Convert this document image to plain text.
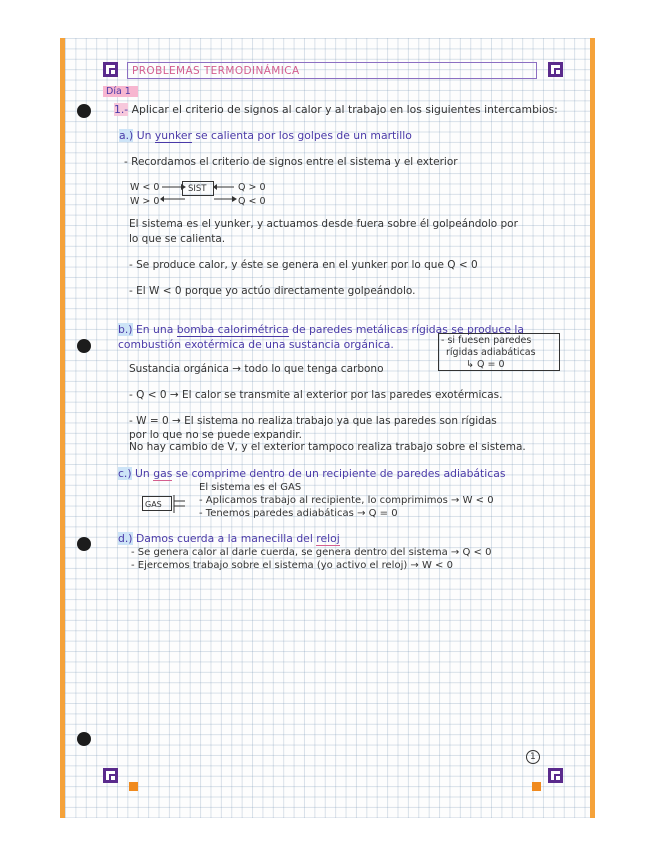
PROBLEMAS TERMODINÁMICA
Día 1
1.- Aplicar el criterio de signos al calor y al trabajo en los siguientes intercambios:
a.) Un yunker se calienta por los golpes de un martillo
- Recordamos el criterio de signos entre el sistema y el exterior
W < 0
W > 0
SIST	Q > 0
Q < 0
El sistema es el yunker, y actuamos desde fuera sobre él golpeándolo por
lo que se calienta.
- Se produce calor, y éste se genera en el yunker por lo que Q < 0
- El W < 0 porque yo actúo directamente golpeándolo.
b.) En una bomba calorimétrica de paredes metálicas rígidas se produce la
combustión exotérmica de una sustancia orgánica.	- si fuesen paredes
rígidas adiabáticas
↳ Q = 0
Sustancia orgánica → todo lo que tenga carbono
- Q < 0 → El calor se transmite al exterior por las paredes exotérmicas.
- W = 0 → El sistema no realiza trabajo ya que las paredes son rígidas
por lo que no se puede expandir.
No hay cambio de V, y el exterior tampoco realiza trabajo sobre el sistema.
c.) Un gas se comprime dentro de un recipiente de paredes adiabáticas
El sistema es el GAS
GAS	- Aplicamos trabajo al recipiente, lo comprimimos → W < 0
- Tenemos paredes adiabáticas → Q = 0
d.) Damos cuerda a la manecilla del reloj
- Se genera calor al darle cuerda, se genera dentro del sistema → Q < 0
- Ejercemos trabajo sobre el sistema (yo activo el reloj) → W < 0
1
